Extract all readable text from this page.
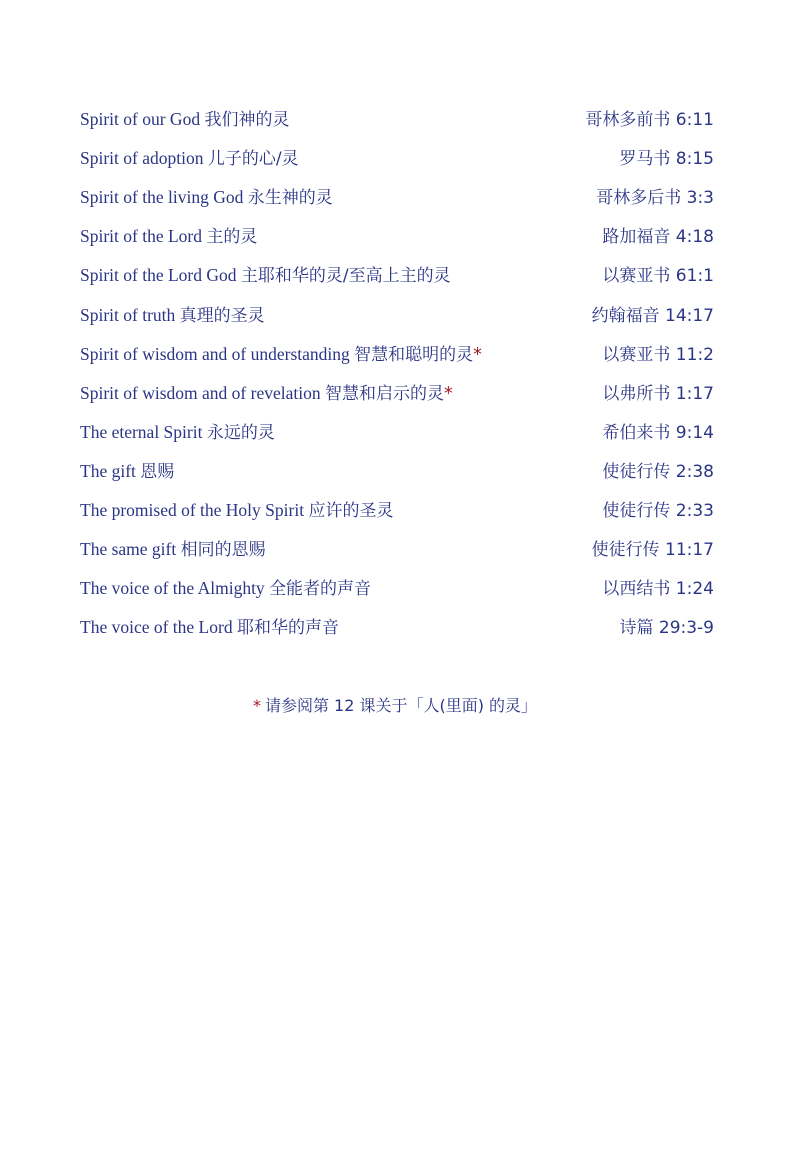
Spirit of our God 我们神的灵	哥林多前书 6:11
Spirit of adoption 儿子的心/灵	罗马书 8:15
Spirit of the living God 永生神的灵	哥林多后书 3:3
Spirit of the Lord 主的灵	路加福音 4:18
Spirit of the Lord God 主耶和华的灵/至高上主的灵	以赛亚书 61:1
Spirit of truth 真理的圣灵	约翰福音 14:17
Spirit of wisdom and of understanding 智慧和聪明的灵*	以赛亚书 11:2
Spirit of wisdom and of revelation 智慧和启示的灵*	以弗所书 1:17
The eternal Spirit 永远的灵	希伯来书 9:14
The gift 恩赐	使徒行传 2:38
The promised of the Holy Spirit 应许的圣灵	使徒行传 2:33
The same gift 相同的恩赐	使徒行传 11:17
The voice of the Almighty 全能者的声音	以西结书 1:24
The voice of the Lord 耶和华的声音	诗篇 29:3-9
* 请参阅第 12 课关于「人(里面) 的灵」
